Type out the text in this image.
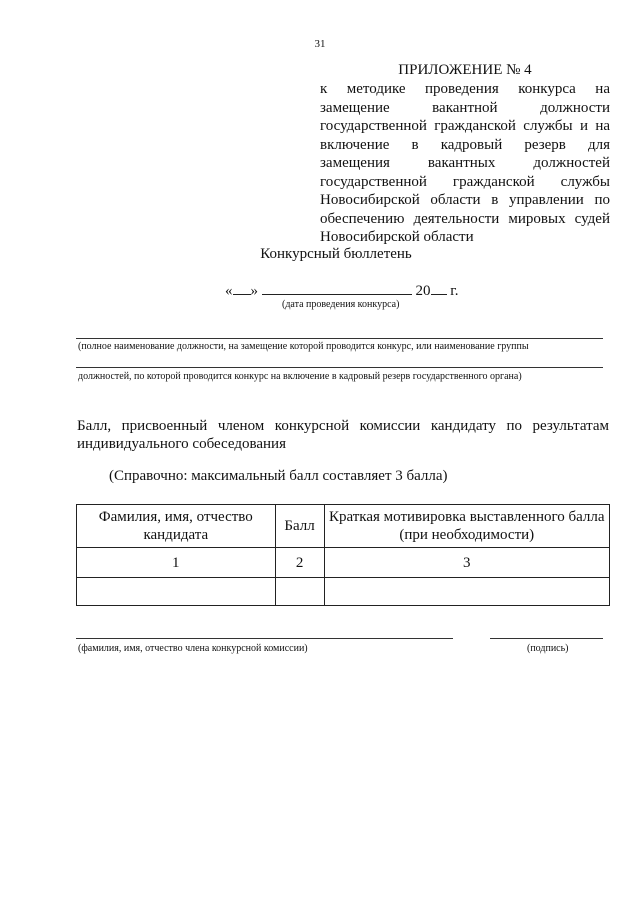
31
ПРИЛОЖЕНИЕ № 4
к методике проведения конкурса на
замещение вакантной должности
государственной гражданской службы и на
включение в кадровый резерв для
замещения вакантных должностей
государственной гражданской службы
Новосибирской области в управлении по
обеспечению деятельности мировых судей
Новосибирской области
Конкурсный бюллетень
« »	20 г.
(дата проведения конкурса)
(полное наименование должности, на замещение которой проводится конкурс, или наименование группы
должностей, по которой проводится конкурс на включение в кадровый резерв государственного органа)
Балл, присвоенный членом конкурсной комиссии кандидату по результатам
индивидуального собеседования
(Справочно: максимальный балл составляет 3 балла)
Фамилия, имя, отчество кандидата	Балл	Краткая мотивировка выставленного балла (при необходимости)
1	2	3

(фамилия, имя, отчество члена конкурсной комиссии)	(подпись)
